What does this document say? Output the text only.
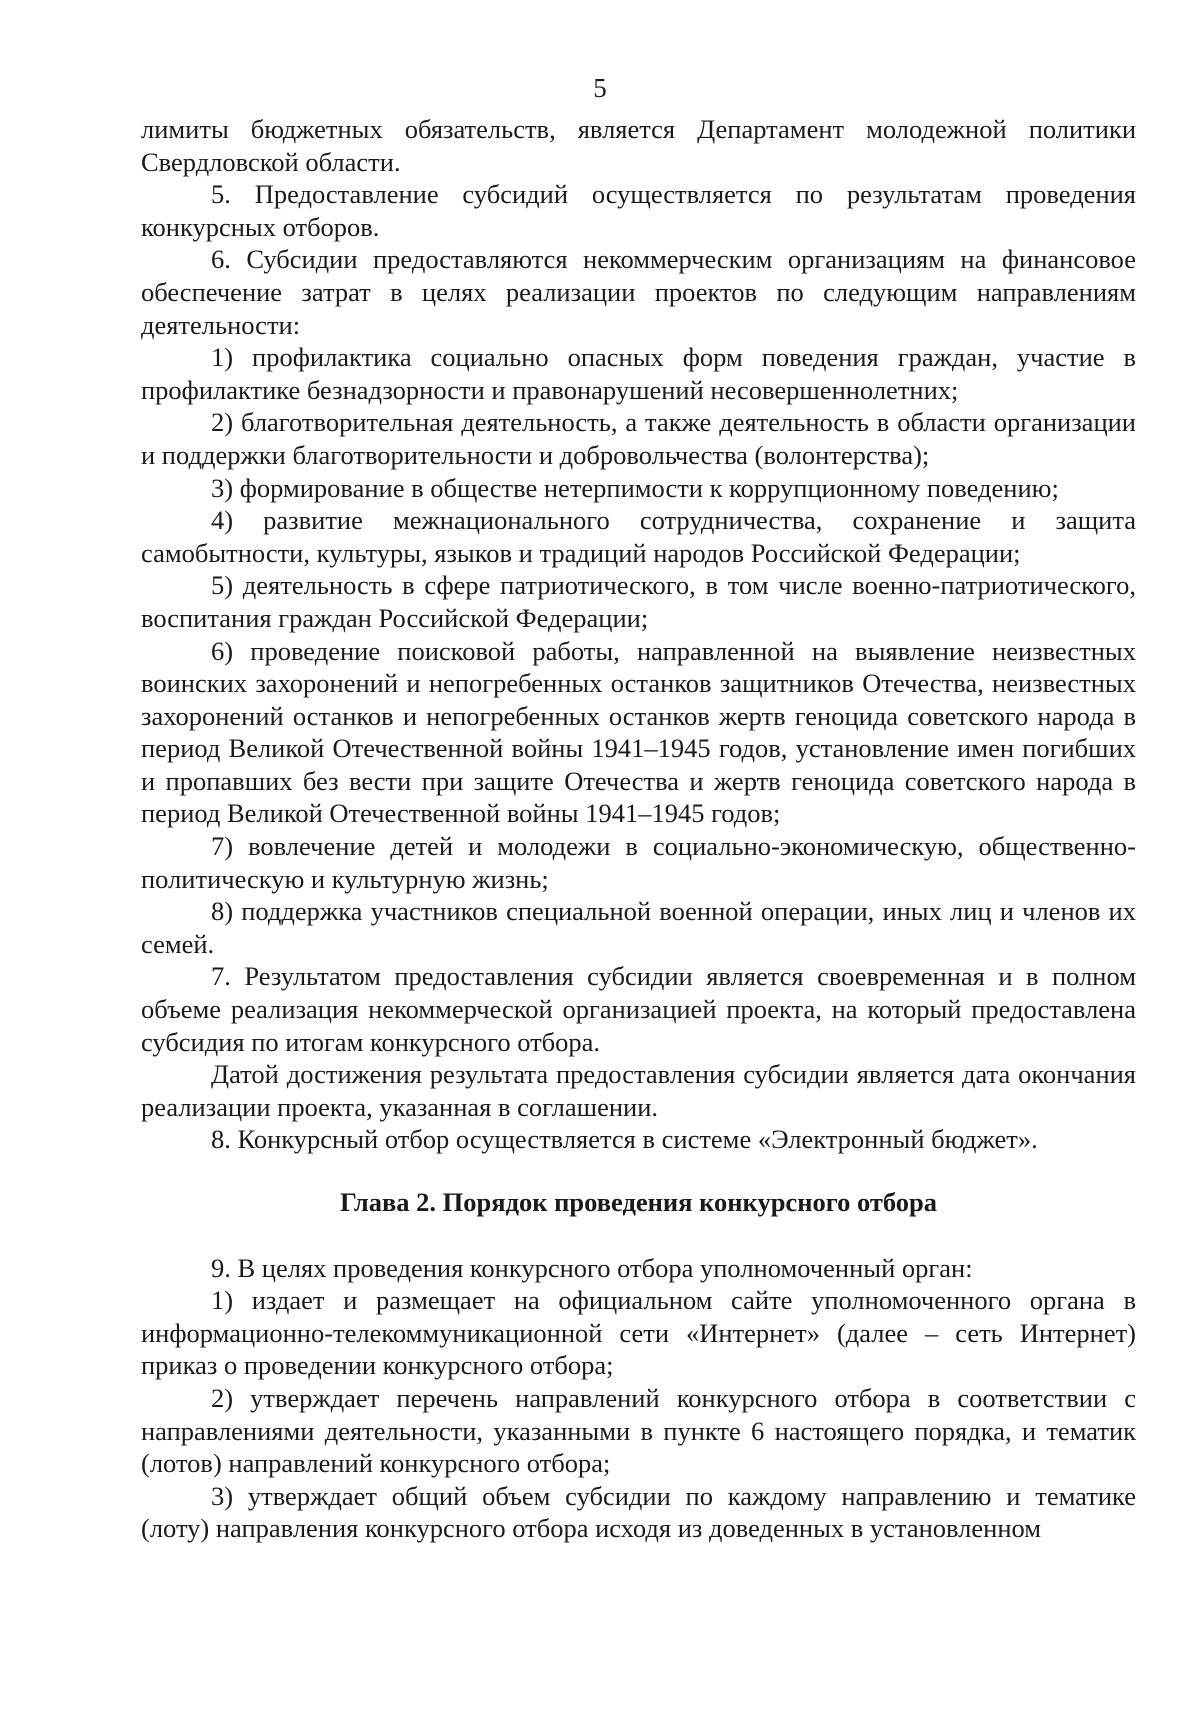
5

лимиты бюджетных обязательств, является Департамент молодежной политики Свердловской области.

5. Предоставление субсидий осуществляется по результатам проведения конкурсных отборов.

6. Субсидии предоставляются некоммерческим организациям на финансовое обеспечение затрат в целях реализации проектов по следующим направлениям деятельности:

1) профилактика социально опасных форм поведения граждан, участие в профилактике безнадзорности и правонарушений несовершеннолетних;

2) благотворительная деятельность, а также деятельность в области организации и поддержки благотворительности и добровольчества (волонтерства);

3) формирование в обществе нетерпимости к коррупционному поведению;

4) развитие межнационального сотрудничества, сохранение и защита самобытности, культуры, языков и традиций народов Российской Федерации;

5) деятельность в сфере патриотического, в том числе военно-патриотического, воспитания граждан Российской Федерации;

6) проведение поисковой работы, направленной на выявление неизвестных воинских захоронений и непогребенных останков защитников Отечества, неизвестных захоронений останков и непогребенных останков жертв геноцида советского народа в период Великой Отечественной войны 1941–1945 годов, установление имен погибших и пропавших без вести при защите Отечества и жертв геноцида советского народа в период Великой Отечественной войны 1941–1945 годов;

7) вовлечение детей и молодежи в социально-экономическую, общественно-политическую и культурную жизнь;

8) поддержка участников специальной военной операции, иных лиц и членов их семей.

7. Результатом предоставления субсидии является своевременная и в полном объеме реализация некоммерческой организацией проекта, на который предоставлена субсидия по итогам конкурсного отбора.

Датой достижения результата предоставления субсидии является дата окончания реализации проекта, указанная в соглашении.

8. Конкурсный отбор осуществляется в системе «Электронный бюджет».

Глава 2. Порядок проведения конкурсного отбора

9. В целях проведения конкурсного отбора уполномоченный орган:

1) издает и размещает на официальном сайте уполномоченного органа в информационно-телекоммуникационной сети «Интернет» (далее – сеть Интернет) приказ о проведении конкурсного отбора;

2) утверждает перечень направлений конкурсного отбора в соответствии с направлениями деятельности, указанными в пункте 6 настоящего порядка, и тематик (лотов) направлений конкурсного отбора;

3) утверждает общий объем субсидии по каждому направлению и тематике (лоту) направления конкурсного отбора исходя из доведенных в установленном
